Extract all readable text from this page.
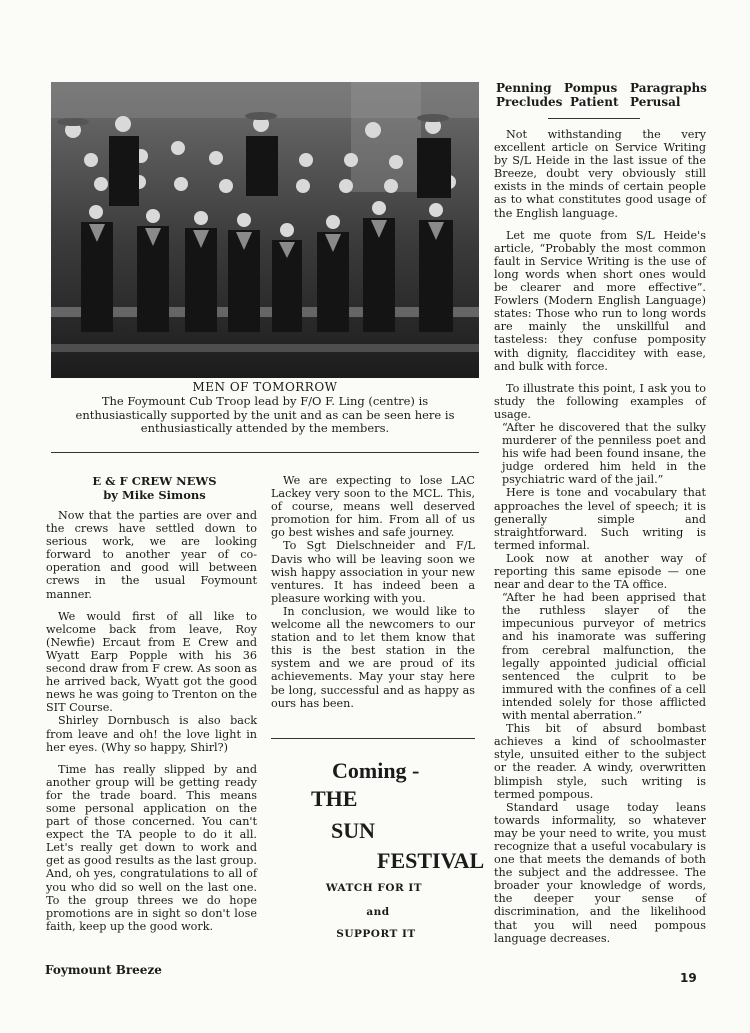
MEN OF TOMORROW
The Foymount Cub Troop lead by F/O F. Ling (centre) is enthusiastically supported by the unit and as can be seen here is enthusiastically attended by the members.
E & F CREW NEWS
by Mike Simons

Now that the parties are over and the crews have settled down to serious work, we are looking forward to another year of co-operation and good will between crews in the usual Foymount manner.

We would first of all like to welcome back from leave, Roy (Newfie) Ercaut from E Crew and Wyatt Earp Popple with his 36 second draw from F crew. As soon as he arrived back, Wyatt got the good news he was going to Trenton on the SIT Course.

Shirley Dornbusch is also back from leave and oh! the love light in her eyes. (Why so happy, Shirl?)

Time has really slipped by and another group will be getting ready for the trade board. This means some personal application on the part of those concerned. You can't expect the TA people to do it all. Let's really get down to work and get as good results as the last group. And, oh yes, congratulations to all of you who did so well on the last one. To the group threes we do hope promotions are in sight so don't lose faith, keep up the good work.

We are expecting to lose LAC Lackey very soon to the MCL. This, of course, means well deserved promotion for him. From all of us go best wishes and safe journey.

To Sgt Dielschneider and F/L Davis who will be leaving soon we wish happy association in your new ventures. It has indeed been a pleasure working with you.

In conclusion, we would like to welcome all the newcomers to our station and to let them know that this is the best station in the system and we are proud of its achievements. May your stay here be long, successful and as happy as ours has been.

Coming -
THE
SUN
FESTIVAL
WATCH FOR IT
and
SUPPORT IT
Penning Pompus Paragraphs
Precludes Patient Perusal

Not withstanding the very excellent article on Service Writing by S/L Heide in the last issue of the Breeze, doubt very obviously still exists in the minds of certain people as to what constitutes good usage of the English language.

Let me quote from S/L Heide's article, “Probably the most common fault in Service Writing is the use of long words when short ones would be clearer and more effective”. Fowlers (Modern English Language) states: Those who run to long words are mainly the unskillful and tasteless: they confuse pomposity with dignity, flacciditey with ease, and bulk with force.

To illustrate this point, I ask you to study the following examples of usage.

“After he discovered that the sulky murderer of the penniless poet and his wife had been found insane, the judge ordered him held in the psychiatric ward of the jail.”

Here is tone and vocabulary that approaches the level of speech; it is generally simple and straightforward. Such writing is termed informal.

Look now at another way of reporting this same episode — one near and dear to the TA office.

“After he had been apprised that the ruthless slayer of the impecunious purveyor of metrics and his inamorate was suffering from cerebral malfunction, the legally appointed judicial official sentenced the culprit to be immured with the confines of a cell intended solely for those afflicted with mental aberration.”

This bit of absurd bombast achieves a kind of schoolmaster style, unsuited either to the subject or the reader. A windy, overwritten blimpish style, such writing is termed pompous.

Standard usage today leans towards informality, so whatever may be your need to write, you must recognize that a useful vocabulary is one that meets the demands of both the subject and the addressee. The broader your knowledge of words, the deeper your sense of discrimination, and the likelihood that you will need pompous language decreases.

Foymount Breeze
19
